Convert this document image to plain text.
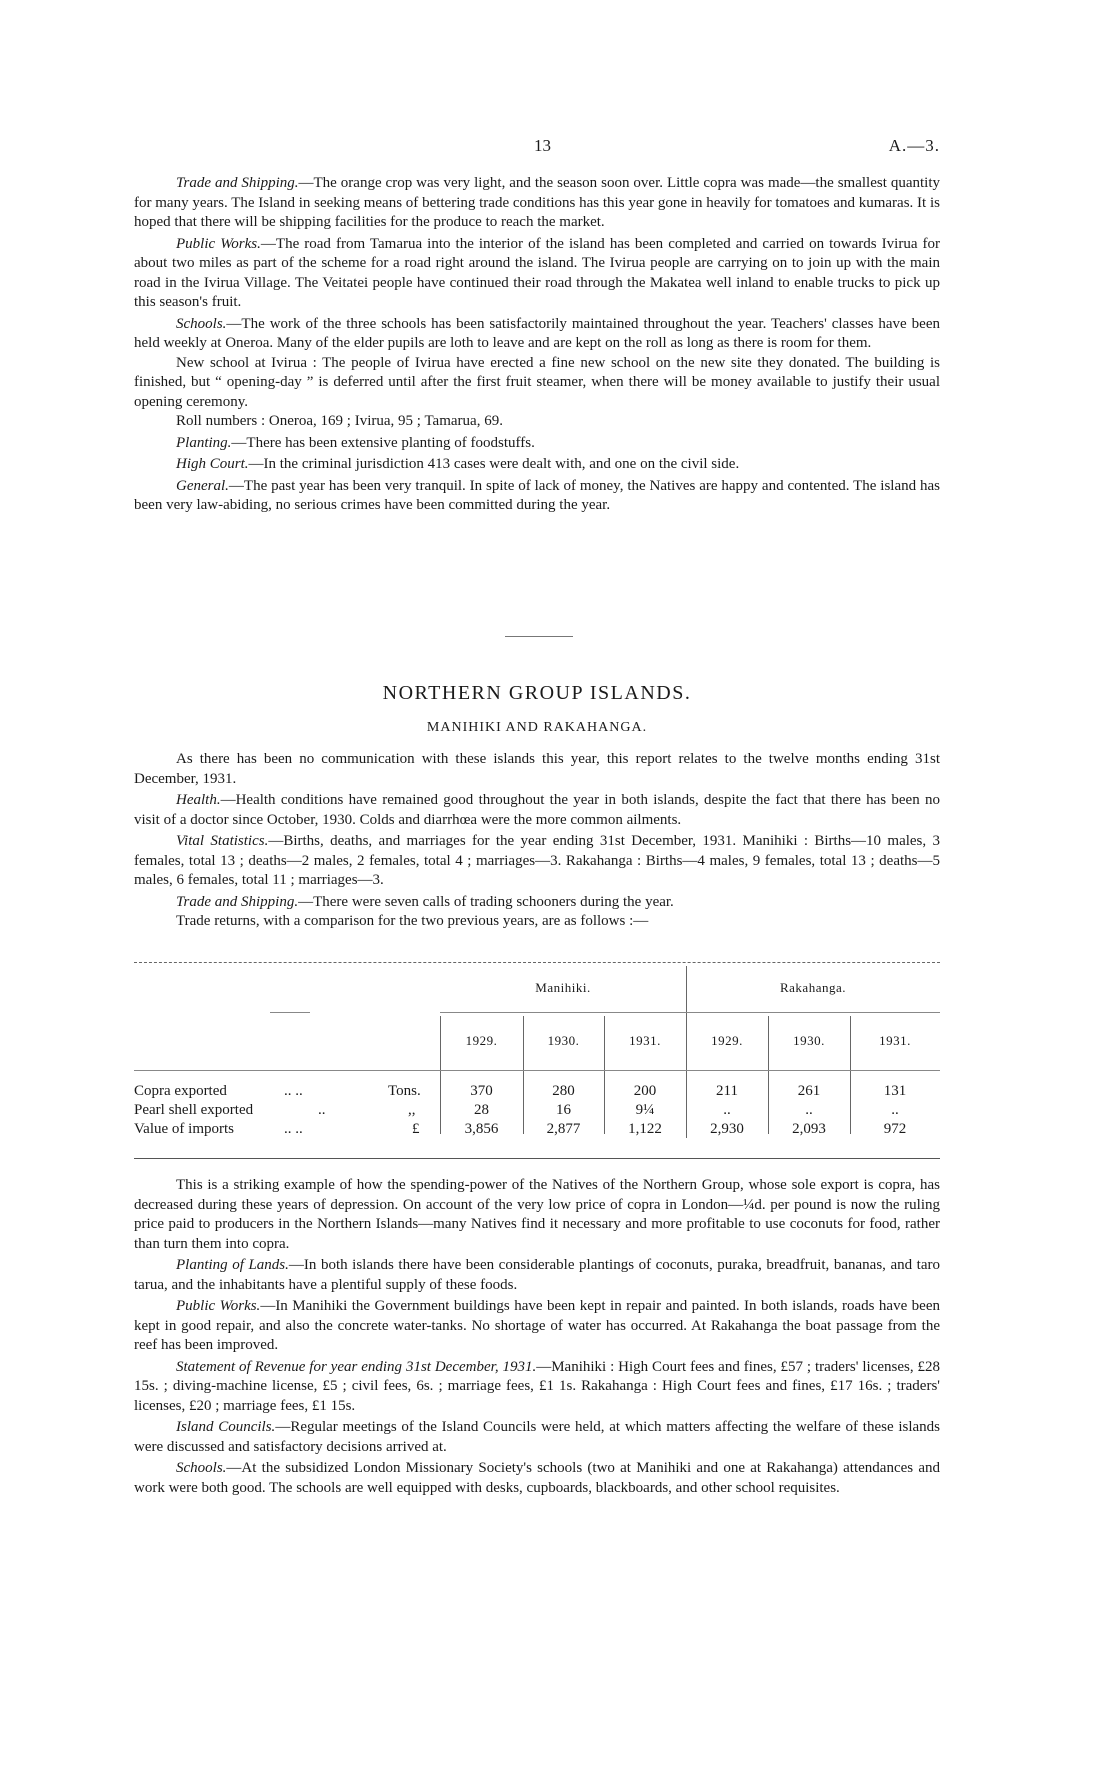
13	A.—3.

Trade and Shipping.—The orange crop was very light, and the season soon over. Little copra was made—the smallest quantity for many years. The Island in seeking means of bettering trade conditions has this year gone in heavily for tomatoes and kumaras. It is hoped that there will be shipping facilities for the produce to reach the market.

Public Works.—The road from Tamarua into the interior of the island has been completed and carried on towards Ivirua for about two miles as part of the scheme for a road right around the island. The Ivirua people are carrying on to join up with the main road in the Ivirua Village. The Veitatei people have continued their road through the Makatea well inland to enable trucks to pick up this season's fruit.

Schools.—The work of the three schools has been satisfactorily maintained throughout the year. Teachers' classes have been held weekly at Oneroa. Many of the elder pupils are loth to leave and are kept on the roll as long as there is room for them.

New school at Ivirua : The people of Ivirua have erected a fine new school on the new site they donated. The building is finished, but “ opening-day ” is deferred until after the first fruit steamer, when there will be money available to justify their usual opening ceremony.

Roll numbers : Oneroa, 169 ; Ivirua, 95 ; Tamarua, 69.

Planting.—There has been extensive planting of foodstuffs.

High Court.—In the criminal jurisdiction 413 cases were dealt with, and one on the civil side.

General.—The past year has been very tranquil. In spite of lack of money, the Natives are happy and contented. The island has been very law-abiding, no serious crimes have been committed during the year.

NORTHERN GROUP ISLANDS.
MANIHIKI AND RAKAHANGA.

As there has been no communication with these islands this year, this report relates to the twelve months ending 31st December, 1931.

Health.—Health conditions have remained good throughout the year in both islands, despite the fact that there has been no visit of a doctor since October, 1930. Colds and diarrhœa were the more common ailments.

Vital Statistics.—Births, deaths, and marriages for the year ending 31st December, 1931. Manihiki : Births—10 males, 3 females, total 13 ; deaths—2 males, 2 females, total 4 ; marriages—3. Rakahanga : Births—4 males, 9 females, total 13 ; deaths—5 males, 6 females, total 11 ; marriages—3.

Trade and Shipping.—There were seven calls of trading schooners during the year.

Trade returns, with a comparison for the two previous years, are as follows :—

Manihiki.	Rakahanga.
1929.	1930.	1931.	1929.	1930.	1931.
Copra exported	.. ..	Tons.	370	280	200	211	261	131
Pearl shell exported	..	,,	28	16	9¼	..	..	..
Value of imports	.. ..	£	3,856	2,877	1,122	2,930	2,093	972

This is a striking example of how the spending-power of the Natives of the Northern Group, whose sole export is copra, has decreased during these years of depression. On account of the very low price of copra in London—¼d. per pound is now the ruling price paid to producers in the Northern Islands—many Natives find it necessary and more profitable to use coconuts for food, rather than turn them into copra.

Planting of Lands.—In both islands there have been considerable plantings of coconuts, puraka, breadfruit, bananas, and taro tarua, and the inhabitants have a plentiful supply of these foods.

Public Works.—In Manihiki the Government buildings have been kept in repair and painted. In both islands, roads have been kept in good repair, and also the concrete water-tanks. No shortage of water has occurred. At Rakahanga the boat passage from the reef has been improved.

Statement of Revenue for year ending 31st December, 1931.—Manihiki : High Court fees and fines, £57 ; traders' licenses, £28 15s. ; diving-machine license, £5 ; civil fees, 6s. ; marriage fees, £1 1s. Rakahanga : High Court fees and fines, £17 16s. ; traders' licenses, £20 ; marriage fees, £1 15s.

Island Councils.—Regular meetings of the Island Councils were held, at which matters affecting the welfare of these islands were discussed and satisfactory decisions arrived at.

Schools.—At the subsidized London Missionary Society's schools (two at Manihiki and one at Rakahanga) attendances and work were both good. The schools are well equipped with desks, cupboards, blackboards, and other school requisites.
